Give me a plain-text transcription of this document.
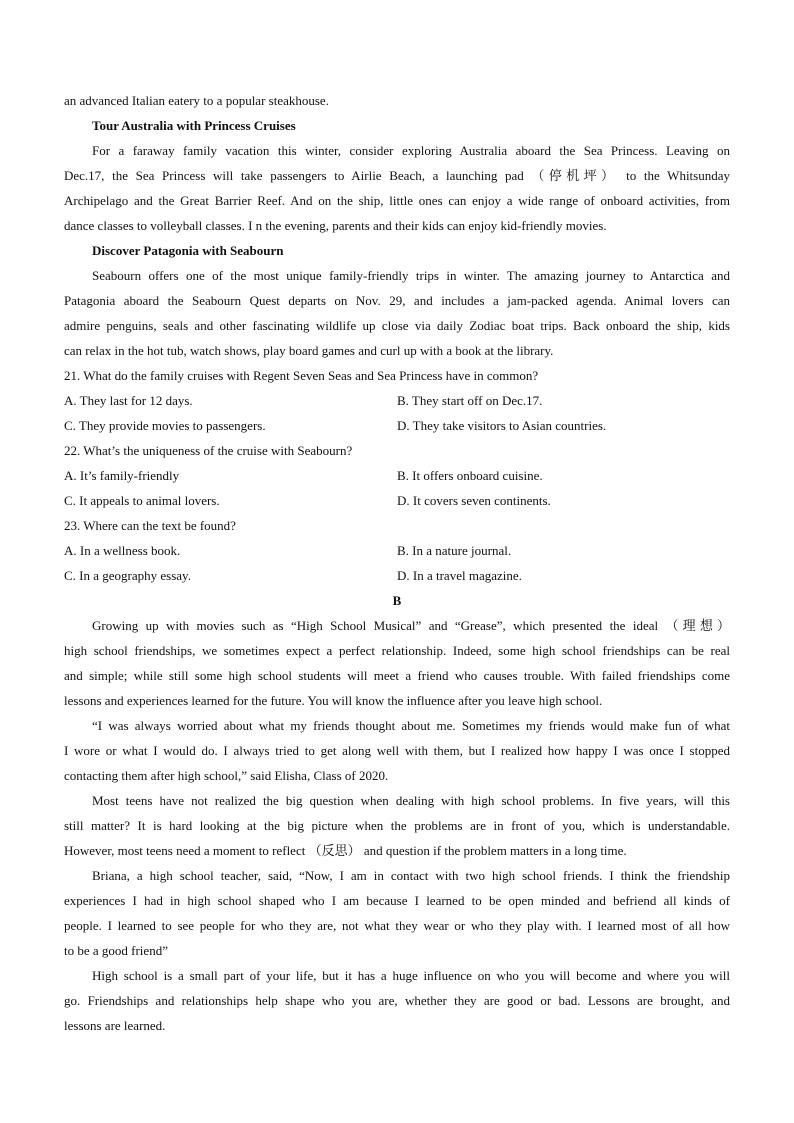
an advanced Italian eatery to a popular steakhouse.
Tour Australia with Princess Cruises
For a faraway family vacation this winter, consider exploring Australia aboard the Sea Princess. Leaving on
Dec.17, the Sea Princess will take passengers to Airlie Beach, a launching pad （停机坪） to the Whitsunday
Archipelago and the Great Barrier Reef. And on the ship, little ones can enjoy a wide range of onboard activities, from
dance classes to volleyball classes. I n the evening, parents and their kids can enjoy kid-friendly movies.
Discover Patagonia with Seabourn
Seabourn offers one of the most unique family-friendly trips in winter. The amazing journey to Antarctica and
Patagonia aboard the Seabourn Quest departs on Nov. 29, and includes a jam-packed agenda. Animal lovers can
admire penguins, seals and other fascinating wildlife up close via daily Zodiac boat trips. Back onboard the ship, kids
can relax in the hot tub, watch shows, play board games and curl up with a book at the library.
21. What do the family cruises with Regent Seven Seas and Sea Princess have in common?
A. They last for 12 days.	B. They start off on Dec.17.
C. They provide movies to passengers.	D. They take visitors to Asian countries.
22. What’s the uniqueness of the cruise with Seabourn?
A. It’s family-friendly	B. It offers onboard cuisine.
C. It appeals to animal lovers.	D. It covers seven continents.
23. Where can the text be found?
A. In a wellness book.	B. In a nature journal.
C. In a geography essay.	D. In a travel magazine.
B
Growing up with movies such as “High School Musical” and “Grease”, which presented the ideal （理想）
high school friendships, we sometimes expect a perfect relationship. Indeed, some high school friendships can be real
and simple; while still some high school students will meet a friend who causes trouble. With failed friendships come
lessons and experiences learned for the future. You will know the influence after you leave high school.
“I was always worried about what my friends thought about me. Sometimes my friends would make fun of what
I wore or what I would do. I always tried to get along well with them, but I realized how happy I was once I stopped
contacting them after high school,” said Elisha, Class of 2020.
Most teens have not realized the big question when dealing with high school problems. In five years, will this
still matter? It is hard looking at the big picture when the problems are in front of you, which is understandable.
However, most teens need a moment to reflect （反思） and question if the problem matters in a long time.
Briana, a high school teacher, said, “Now, I am in contact with two high school friends. I think the friendship
experiences I had in high school shaped who I am because I learned to be open minded and befriend all kinds of
people. I learned to see people for who they are, not what they wear or who they play with. I learned most of all how
to be a good friend”
High school is a small part of your life, but it has a huge influence on who you will become and where you will
go. Friendships and relationships help shape who you are, whether they are good or bad. Lessons are brought, and
lessons are learned.
